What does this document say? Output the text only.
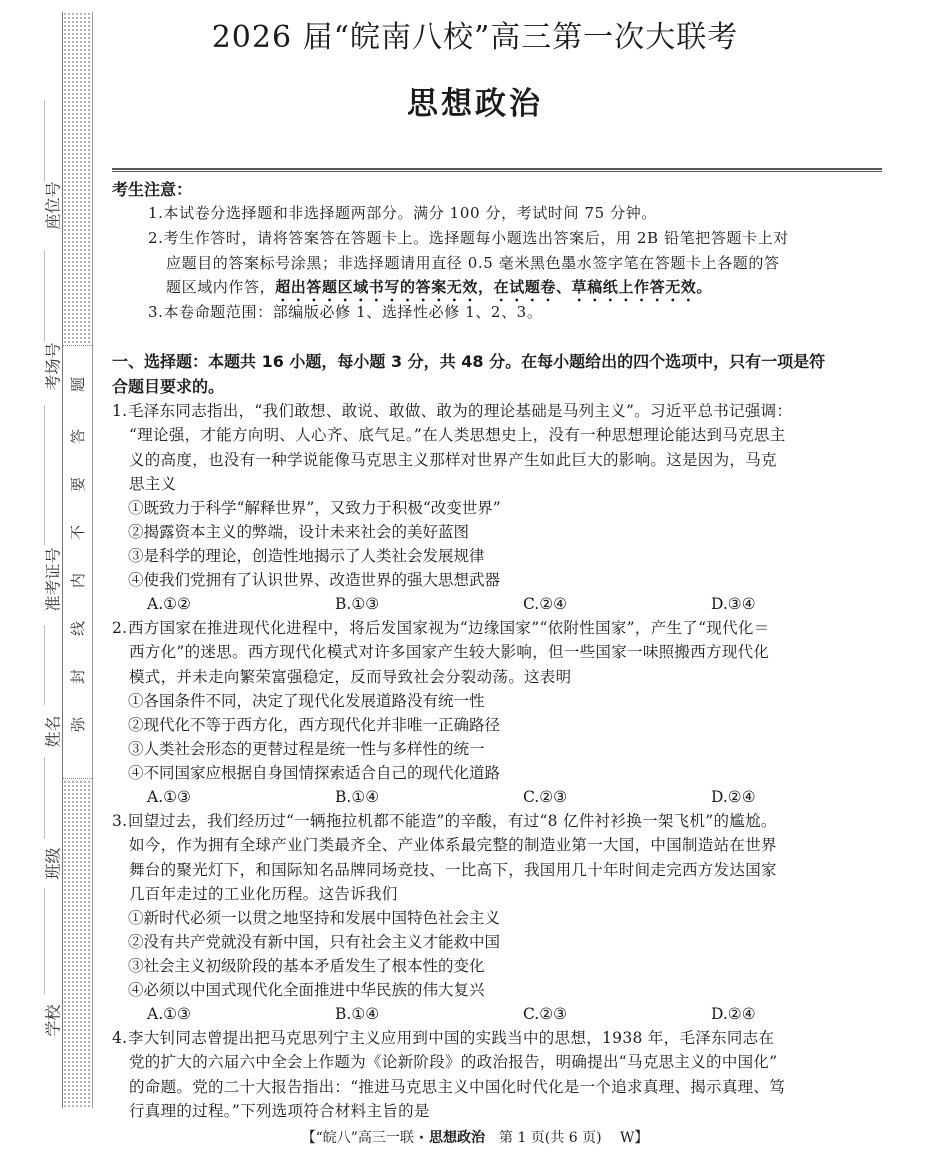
题
答
要
不
内
线
封
弥
座位号
考场号
准考证号
姓名
班级
学校
2026 届“皖南八校”高三第一次大联考
思想政治
考生注意：
1.本试卷分选择题和非选择题两部分。满分 100 分，考试时间 75 分钟。
2.考生作答时，请将答案答在答题卡上。选择题每小题选出答案后，用 2B 铅笔把答题卡上对
应题目的答案标号涂黑；非选择题请用直径 0.5 毫米黑色墨水签字笔在答题卡上各题的答
题区域内作答，超出答题区域书写的答案无效，在试题卷、草稿纸上作答无效。
3.本卷命题范围：部编版必修 1、选择性必修 1、2、3。
一、选择题：本题共 16 小题，每小题 3 分，共 48 分。在每小题给出的四个选项中，只有一项是符
合题目要求的。
1.毛泽东同志指出，“我们敢想、敢说、敢做、敢为的理论基础是马列主义”。习近平总书记强调：
“理论强，才能方向明、人心齐、底气足。”在人类思想史上，没有一种思想理论能达到马克思主
义的高度，也没有一种学说能像马克思主义那样对世界产生如此巨大的影响。这是因为，马克
思主义
①既致力于科学“解释世界”，又致力于积极“改变世界”
②揭露资本主义的弊端，设计未来社会的美好蓝图
③是科学的理论，创造性地揭示了人类社会发展规律
④使我们党拥有了认识世界、改造世界的强大思想武器
A.①②	B.①③	C.②④	D.③④
2.西方国家在推进现代化进程中，将后发国家视为“边缘国家”“依附性国家”，产生了“现代化＝
西方化”的迷思。西方现代化模式对许多国家产生较大影响，但一些国家一味照搬西方现代化
模式，并未走向繁荣富强稳定，反而导致社会分裂动荡。这表明
①各国条件不同，决定了现代化发展道路没有统一性
②现代化不等于西方化，西方现代化并非唯一正确路径
③人类社会形态的更替过程是统一性与多样性的统一
④不同国家应根据自身国情探索适合自己的现代化道路
A.①③	B.①④	C.②③	D.②④
3.回望过去，我们经历过“一辆拖拉机都不能造”的辛酸，有过“8 亿件衬衫换一架飞机”的尴尬。
如今，作为拥有全球产业门类最齐全、产业体系最完整的制造业第一大国，中国制造站在世界
舞台的聚光灯下，和国际知名品牌同场竞技、一比高下，我国用几十年时间走完西方发达国家
几百年走过的工业化历程。这告诉我们
①新时代必须一以贯之地坚持和发展中国特色社会主义
②没有共产党就没有新中国，只有社会主义才能救中国
③社会主义初级阶段的基本矛盾发生了根本性的变化
④必须以中国式现代化全面推进中华民族的伟大复兴
A.①③	B.①④	C.②③	D.②④
4.李大钊同志曾提出把马克思列宁主义应用到中国的实践当中的思想，1938 年，毛泽东同志在
党的扩大的六届六中全会上作题为《论新阶段》的政治报告，明确提出“马克思主义的中国化”
的命题。党的二十大报告指出：“推进马克思主义中国化时代化是一个追求真理、揭示真理、笃
行真理的过程。”下列选项符合材料主旨的是
【“皖八”高三一联 · 思想政治　第 1 页(共 6 页)　 W】
